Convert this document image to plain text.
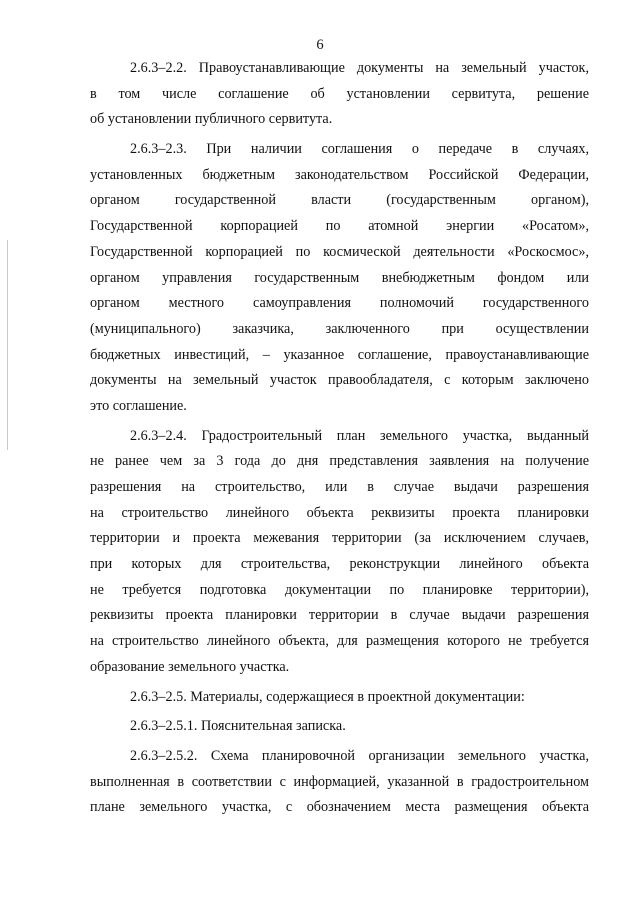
6
2.6.3–2.2. Правоустанавливающие документы на земельный участок,
в том числе соглашение об установлении сервитута, решение
об установлении публичного сервитута.
2.6.3–2.3. При наличии соглашения о передаче в случаях,
установленных бюджетным законодательством Российской Федерации,
органом государственной власти (государственным органом),
Государственной корпорацией по атомной энергии «Росатом»,
Государственной корпорацией по космической деятельности «Роскосмос»,
органом управления государственным внебюджетным фондом или
органом местного самоуправления полномочий государственного
(муниципального) заказчика, заключенного при осуществлении
бюджетных инвестиций, – указанное соглашение, правоустанавливающие
документы на земельный участок правообладателя, с которым заключено
это соглашение.
2.6.3–2.4. Градостроительный план земельного участка, выданный
не ранее чем за 3 года до дня представления заявления на получение
разрешения на строительство, или в случае выдачи разрешения
на строительство линейного объекта реквизиты проекта планировки
территории и проекта межевания территории (за исключением случаев,
при которых для строительства, реконструкции линейного объекта
не требуется подготовка документации по планировке территории),
реквизиты проекта планировки территории в случае выдачи разрешения
на строительство линейного объекта, для размещения которого не требуется
образование земельного участка.
2.6.3–2.5. Материалы, содержащиеся в проектной документации:
2.6.3–2.5.1. Пояснительная записка.
2.6.3–2.5.2. Схема планировочной организации земельного участка,
выполненная в соответствии с информацией, указанной в градостроительном
плане земельного участка, с обозначением места размещения объекта
